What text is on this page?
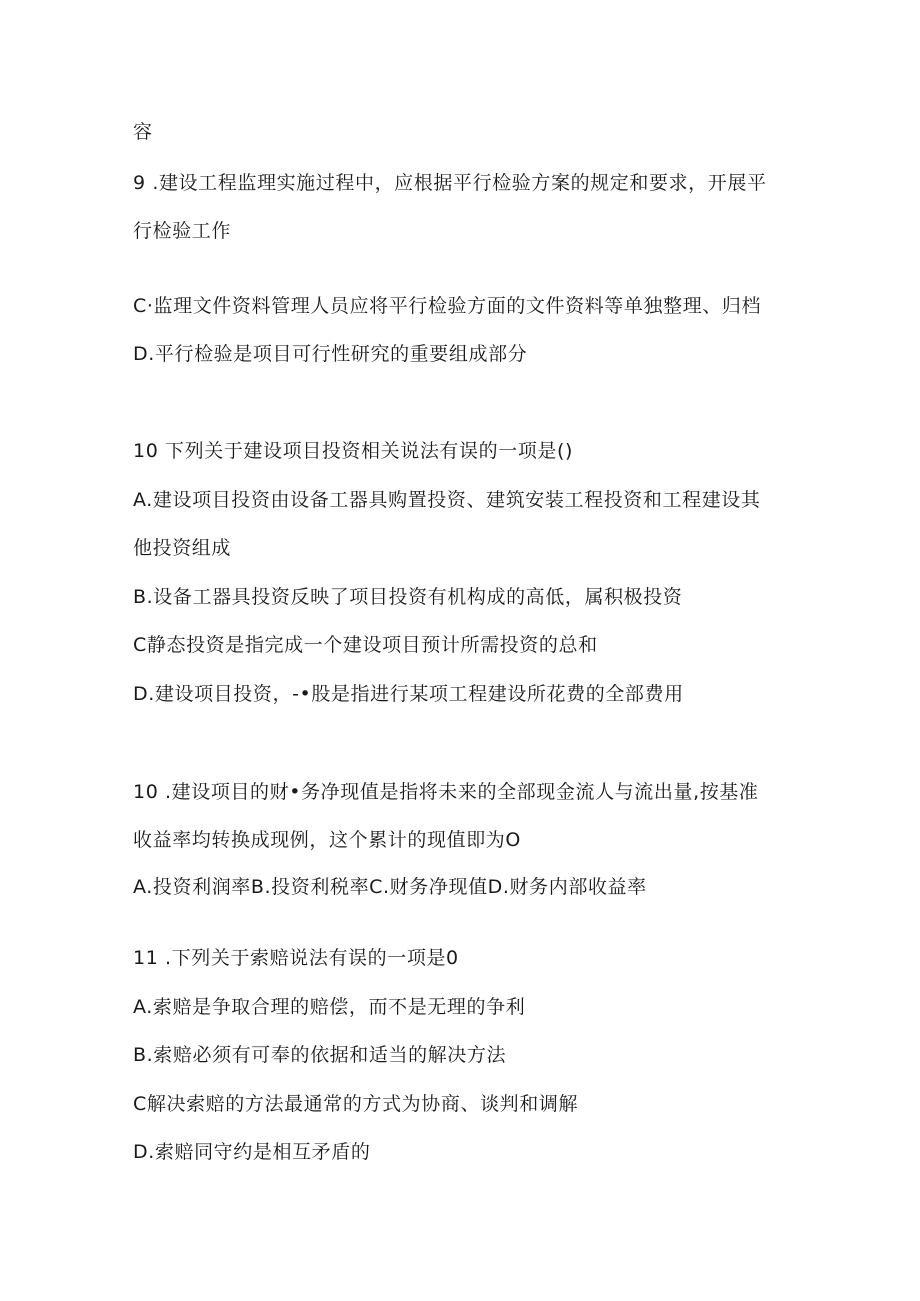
容
9 .建设工程监理实施过程中，应根据平行检验方案的规定和要求，开展平
行检验工作
C·监理文件资料管理人员应将平行检验方面的文件资料等单独整理、归档
D.平行检验是项目可行性研究的重要组成部分
10 下列关于建设项目投资相关说法有误的一项是()
A.建设项目投资由设备工器具购置投资、建筑安装工程投资和工程建设其
他投资组成
B.设备工器具投资反映了项目投资有机构成的高低，属积极投资
C静态投资是指完成一个建设项目预计所需投资的总和
D.建设项目投资，-•股是指进行某项工程建设所花费的全部费用
10 .建设项目的财•务净现值是指将未来的全部现金流人与流出量,按基准
收益率均转换成现例，这个累计的现值即为O
A.投资利润率B.投资利税率C.财务净现值D.财务内部收益率
11 .下列关于索赔说法有误的一项是0
A.索赔是争取合理的赔偿，而不是无理的争利
B.索赔必须有可奉的依据和适当的解决方法
C解决索赔的方法最通常的方式为协商、谈判和调解
D.索赔同守约是相互矛盾的
